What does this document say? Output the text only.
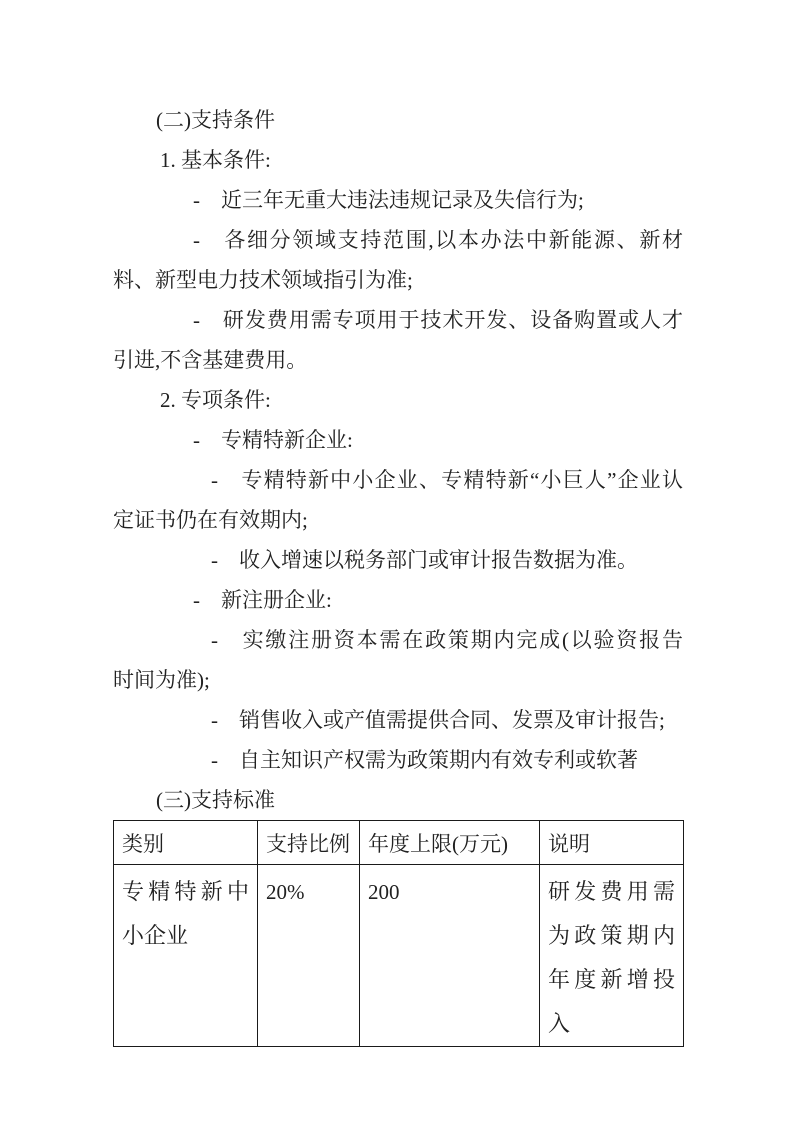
(二)支持条件

1. 基本条件:

-　近三年无重大违法违规记录及失信行为;

-　各细分领域支持范围,以本办法中新能源、新材

料、新型电力技术领域指引为准;

-　研发费用需专项用于技术开发、设备购置或人才

引进,不含基建费用。

2. 专项条件:

-　专精特新企业:

-　专精特新中小企业、专精特新“小巨人”企业认

定证书仍在有效期内;

-　收入增速以税务部门或审计报告数据为准。

-　新注册企业:

-　实缴注册资本需在政策期内完成(以验资报告

时间为准);

-　销售收入或产值需提供合同、发票及审计报告;

-　自主知识产权需为政策期内有效专利或软著

(三)支持标准

类别	支持比例	年度上限(万元)	说明
专精特新中小企业	20%	200	研发费用需为政策期内年度新增投入
